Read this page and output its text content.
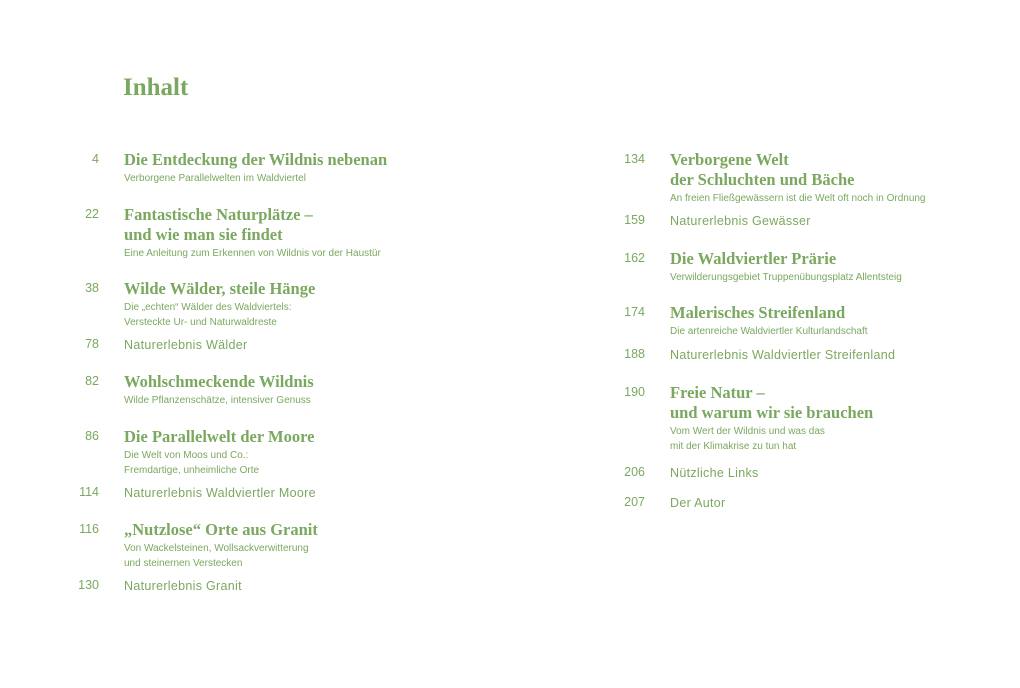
Inhalt
4 Die Entdeckung der Wildnis nebenan
Verborgene Parallelwelten im Waldviertel
22 Fantastische Naturplätze –
und wie man sie findet
Eine Anleitung zum Erkennen von Wildnis vor der Haustür
38 Wilde Wälder, steile Hänge
Die „echten“ Wälder des Waldviertels:
Versteckte Ur- und Naturwaldreste
78 Naturerlebnis Wälder
82 Wohlschmeckende Wildnis
Wilde Pflanzenschätze, intensiver Genuss
86 Die Parallelwelt der Moore
Die Welt von Moos und Co.:
Fremdartige, unheimliche Orte
114 Naturerlebnis Waldviertler Moore
116 „Nutzlose“ Orte aus Granit
Von Wackelsteinen, Wollsackverwitterung
und steinernen Verstecken
130 Naturerlebnis Granit
134 Verborgene Welt
der Schluchten und Bäche
An freien Fließgewässern ist die Welt oft noch in Ordnung
159 Naturerlebnis Gewässer
162 Die Waldviertler Prärie
Verwilderungsgebiet Truppenübungsplatz Allentsteig
174 Malerisches Streifenland
Die artenreiche Waldviertler Kulturlandschaft
188 Naturerlebnis Waldviertler Streifenland
190 Freie Natur –
und warum wir sie brauchen
Vom Wert der Wildnis und was das
mit der Klimakrise zu tun hat
206 Nützliche Links
207 Der Autor
